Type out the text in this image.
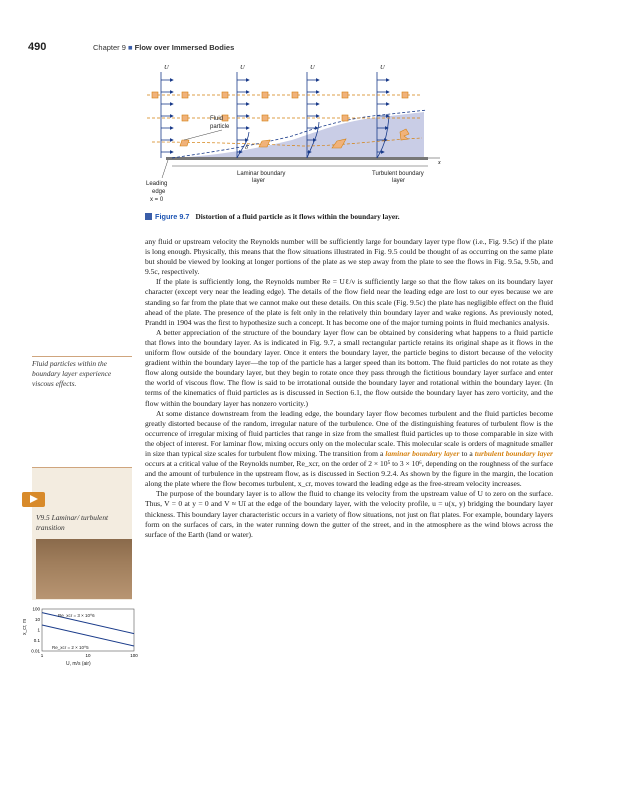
490	Chapter 9 ■ Flow over Immersed Bodies
x
U	U	U	U
Fluid
particle
δ
Laminar boundary
layer
Turbulent boundary
layer
Leading
edge
x = 0
Figure 9.7 Distortion of a fluid particle as it flows within the boundary layer.
Fluid particles within the boundary layer experience viscous effects.
V9.5 Laminar/ turbulent transition
100
10
1
0.1
0.01
1	10	100
x_cr, m
U, m/s (air)
Re_xcr = 3 × 10^6
Re_xcr = 2 × 10^5

any fluid or upstream velocity the Reynolds number will be sufficiently large for boundary layer type flow (i.e., Fig. 9.5c) if the plate is long enough. Physically, this means that the flow situations illustrated in Fig. 9.5 could be thought of as occurring on the same plate but should be viewed by looking at longer portions of the plate as we step away from the plate to see the flows in Fig. 9.5a, 9.5b, and 9.5c, respectively.

If the plate is sufficiently long, the Reynolds number Re = Uℓ/ν is sufficiently large so that the flow takes on its boundary layer character (except very near the leading edge). The details of the flow field near the leading edge are lost to our eyes because we are standing so far from the plate that we cannot make out these details. On this scale (Fig. 9.5c) the plate has negligible effect on the fluid ahead of the plate. The presence of the plate is felt only in the relatively thin boundary layer and wake regions. As previously noted, Prandtl in 1904 was the first to hypothesize such a concept. It has become one of the major turning points in fluid mechanics analysis.

A better appreciation of the structure of the boundary layer flow can be obtained by considering what happens to a fluid particle that flows into the boundary layer. As is indicated in Fig. 9.7, a small rectangular particle retains its original shape as it flows in the uniform flow outside of the boundary layer. Once it enters the boundary layer, the particle begins to distort because of the velocity gradient within the boundary layer—the top of the particle has a larger speed than its bottom. The fluid particles do not rotate as they flow along outside the boundary layer, but they begin to rotate once they pass through the fictitious boundary layer surface and enter the world of viscous flow. The flow is said to be irrotational outside the boundary layer and rotational within the boundary layer. (In terms of the kinematics of fluid particles as is discussed in Section 6.1, the flow outside the boundary layer has zero vorticity, and the flow within the boundary layer has nonzero vorticity.)

At some distance downstream from the leading edge, the boundary layer flow becomes turbulent and the fluid particles become greatly distorted because of the random, irregular nature of the turbulence. One of the distinguishing features of turbulent flow is the occurrence of irregular mixing of fluid particles that range in size from the smallest fluid particles up to those comparable in size with the object of interest. For laminar flow, mixing occurs only on the molecular scale. This molecular scale is orders of magnitude smaller in size than typical size scales for turbulent flow mixing. The transition from a laminar boundary layer to a turbulent boundary layer occurs at a critical value of the Reynolds number, Re_xcr, on the order of 2 × 10⁵ to 3 × 10⁶, depending on the roughness of the surface and the amount of turbulence in the upstream flow, as is discussed in Section 9.2.4. As shown by the figure in the margin, the location along the plate where the flow becomes turbulent, x_cr, moves toward the leading edge as the free-stream velocity increases.

The purpose of the boundary layer is to allow the fluid to change its velocity from the upstream value of U to zero on the surface. Thus, V = 0 at y = 0 and V ≈ Uî at the edge of the boundary layer, with the velocity profile, u = u(x, y) bridging the boundary layer thickness. This boundary layer characteristic occurs in a variety of flow situations, not just on flat plates. For example, boundary layers form on the surfaces of cars, in the water running down the gutter of the street, and in the atmosphere as the wind blows across the surface of the Earth (land or water).
